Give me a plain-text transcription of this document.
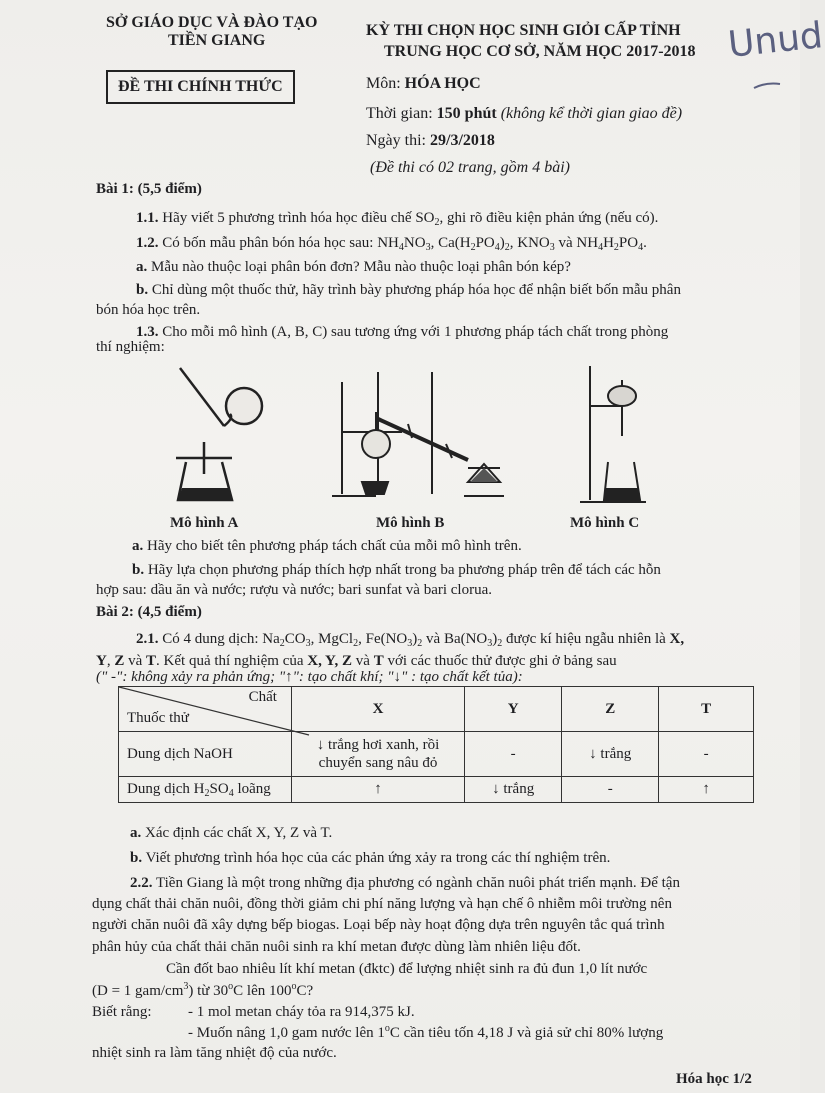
SỞ GIÁO DỤC VÀ ĐÀO TẠO
TIỀN GIANG
ĐỀ THI CHÍNH THỨC
KỲ THI CHỌN HỌC SINH GIỎI CẤP TỈNH
TRUNG HỌC CƠ SỞ, NĂM HỌC 2017-2018 Unud
Môn: HÓA HỌC
Thời gian: 150 phút (không kể thời gian giao đề)
Ngày thi: 29/3/2018
(Đề thi có 02 trang, gồm 4 bài)
Bài 1: (5,5 điểm)
1.1. Hãy viết 5 phương trình hóa học điều chế $SO_2$, ghi rõ điều kiện phản ứng (nếu có).
1.2. Có bốn mẫu phân bón hóa học sau: $NH_4NO_3$, $Ca(H_2PO_4)_2$, $KNO_3$ và $NH_4H_2PO_4$.
a. Mẫu nào thuộc loại phân bón đơn? Mẫu nào thuộc loại phân bón kép?
b. Chỉ dùng một thuốc thử, hãy trình bày phương pháp hóa học để nhận biết bốn mẫu phân
bón hóa học trên.
1.3. Cho mỗi mô hình (A, B, C) sau tương ứng với 1 phương pháp tách chất trong phòng
thí nghiệm:
Mô hình A	Mô hình B	Mô hình C
a. Hãy cho biết tên phương pháp tách chất của mỗi mô hình trên.
b. Hãy lựa chọn phương pháp thích hợp nhất trong ba phương pháp trên để tách các hỗn
hợp sau: dầu ăn và nước; rượu và nước; bari sunfat và bari clorua.
Bài 2: (4,5 điểm)
2.1. Có 4 dung dịch: $Na_2CO_3$, MgCl$_2$, $Fe(NO_3)_2$ và $Ba(NO_3)_2$ được kí hiệu ngẫu nhiên là X,
Y, Z và T. Kết quả thí nghiệm của X, Y, Z và T với các thuốc thử được ghi ở bảng sau
(" -": không xảy ra phản ứng; "↑": tạo chất khí; "↓" : tạo chất kết tủa):
Chất
Thuốc thử	X	Y	Z	T
Dung dịch NaOH	↓ trắng hơi xanh, rồi
chuyển sang nâu đỏ	-	↓ trắng	-
Dung dịch $H_2SO_4$ loãng	↑	↓ trắng	-	↑
a. Xác định các chất X, Y, Z và T.
b. Viết phương trình hóa học của các phản ứng xảy ra trong các thí nghiệm trên.
2.2. Tiền Giang là một trong những địa phương có ngành chăn nuôi phát triển mạnh. Để tận
dụng chất thải chăn nuôi, đồng thời giảm chi phí năng lượng và hạn chế ô nhiễm môi trường nên
người chăn nuôi đã xây dựng bếp biogas. Loại bếp này hoạt động dựa trên nguyên tắc quá trình
phân hủy của chất thải chăn nuôi sinh ra khí metan được dùng làm nhiên liệu đốt.
Cần đốt bao nhiêu lít khí metan (đktc) để lượng nhiệt sinh ra đủ đun 1,0 lít nước
(D = 1 gam/$cm^3$) từ 30$^o$C lên 100$^o$C?
Biết rằng: - 1 mol metan cháy tỏa ra 914,375 kJ.
- Muốn nâng 1,0 gam nước lên 1$^o$C cần tiêu tốn 4,18 J và giả sử chỉ 80% lượng
nhiệt sinh ra làm tăng nhiệt độ của nước.
Hóa học 1/2
